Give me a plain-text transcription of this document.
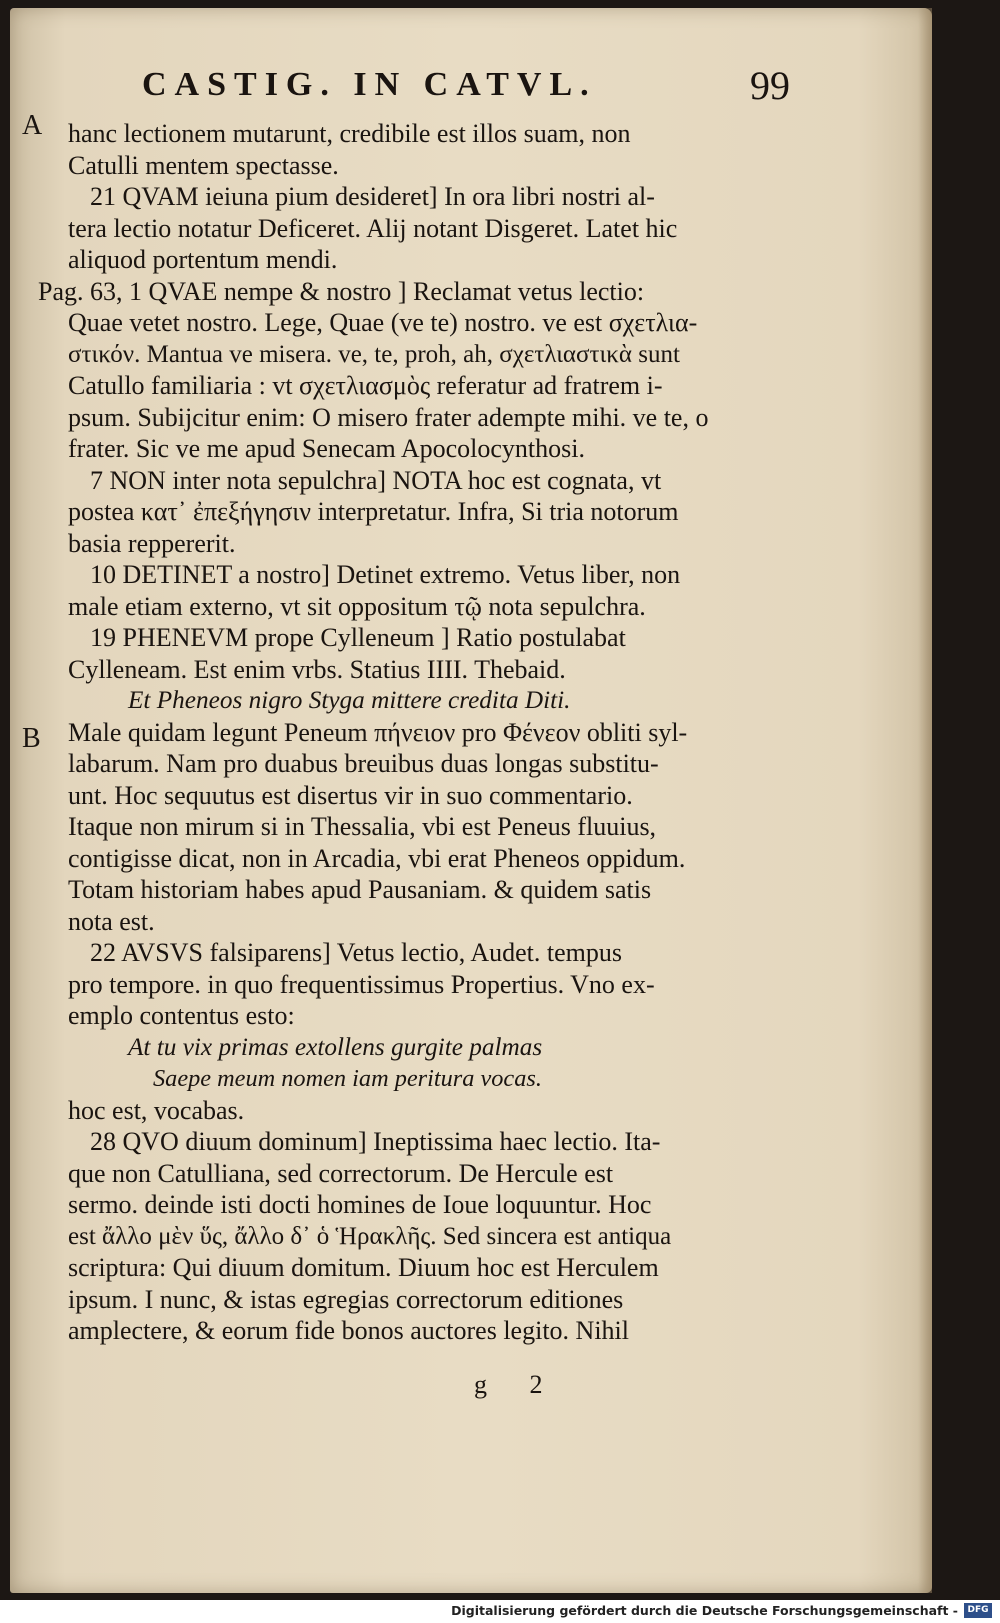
CASTIG. IN CATVL.	99
A
B
hanc lectionem mutarunt, credibile est illos suam, non
Catulli mentem spectasse.
21 QVAM ieiuna pium desideret] In ora libri nostri al-
tera lectio notatur Deficeret. Alij notant Disgeret. Latet hic
aliquod portentum mendi.
Pag. 63, 1 QVAE nempe & nostro ] Reclamat vetus lectio:
Quae vetet nostro. Lege, Quae (ve te) nostro. ve est σχετλια-
στικόν. Mantua ve misera. ve, te, proh, ah, σχετλιαστικὰ sunt
Catullo familiaria : vt σχετλιασμὸς referatur ad fratrem i-
psum. Subijcitur enim: O misero frater adempte mihi. ve te, o
frater. Sic ve me apud Senecam Apocolocynthosi.
7 NON inter nota sepulchra] NOTA hoc est cognata, vt
postea κατ᾽ ἐπεξήγησιν interpretatur. Infra, Si tria notorum
basia reppererit.
10 DETINET a nostro] Detinet extremo. Vetus liber, non
male etiam externo, vt sit oppositum τῷ nota sepulchra.
19 PHENEVM prope Cylleneum ] Ratio postulabat
Cylleneam. Est enim vrbs. Statius IIII. Thebaid.
Et Pheneos nigro Styga mittere credita Diti.
Male quidam legunt Peneum πήνειον pro Φένεον obliti syl-
labarum. Nam pro duabus breuibus duas longas substitu-
unt. Hoc sequutus est disertus vir in suo commentario.
Itaque non mirum si in Thessalia, vbi est Peneus fluuius,
contigisse dicat, non in Arcadia, vbi erat Pheneos oppidum.
Totam historiam habes apud Pausaniam. & quidem satis
nota est.
22 AVSVS falsiparens] Vetus lectio, Audet. tempus
pro tempore. in quo frequentissimus Propertius. Vno ex-
emplo contentus esto:
At tu vix primas extollens gurgite palmas
Saepe meum nomen iam peritura vocas.
hoc est, vocabas.
28 QVO diuum dominum] Ineptissima haec lectio. Ita-
que non Catulliana, sed correctorum. De Hercule est
sermo. deinde isti docti homines de Ioue loquuntur. Hoc
est ἄλλο μὲν ὕς, ἄλλο δ᾽ ὁ Ἡρακλῆς. Sed sincera est antiqua
scriptura: Qui diuum domitum. Diuum hoc est Herculem
ipsum. I nunc, & istas egregias correctorum editiones
amplectere, & eorum fide bonos auctores legito. Nihil
g 2
Digitalisierung gefördert durch die Deutsche Forschungsgemeinschaft -	DFG
